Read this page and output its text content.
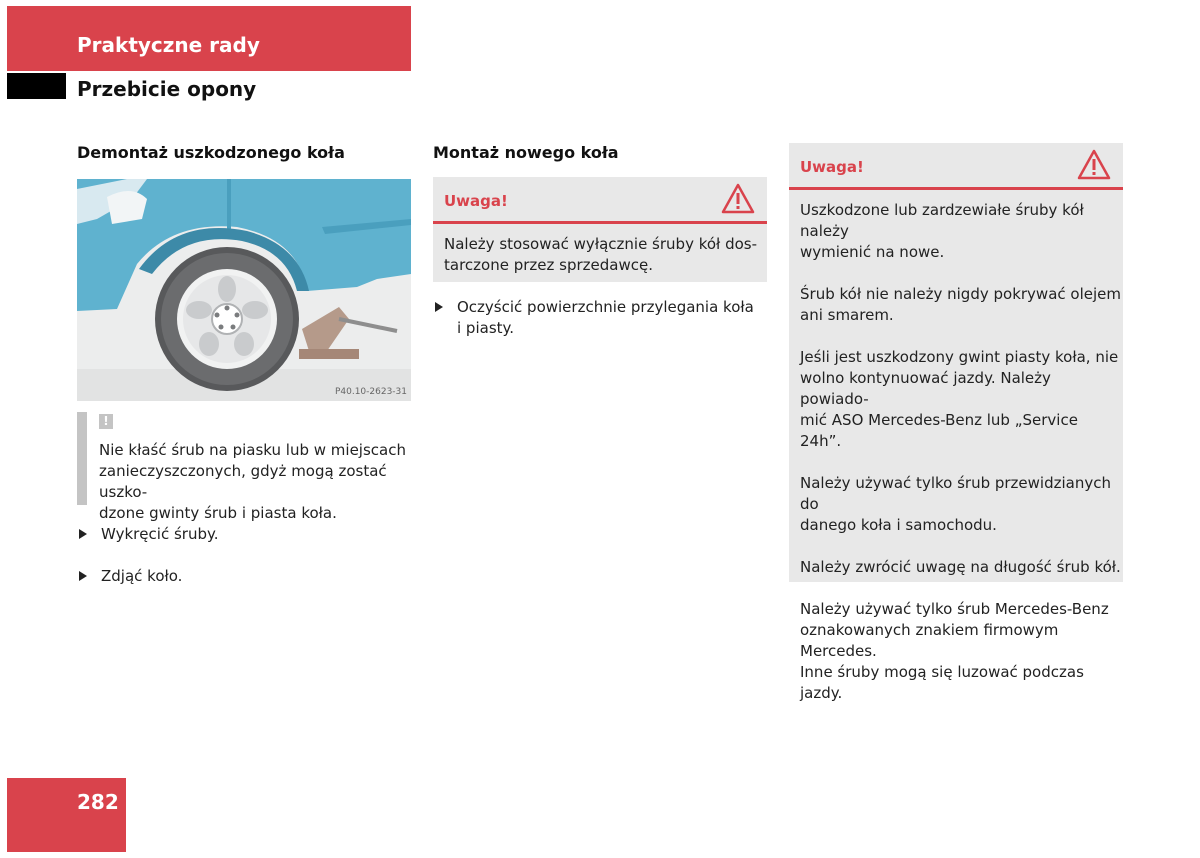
Praktyczne rady
Przebicie opony
Demontaż uszkodzonego koła
P40.10-2623-31
!
Nie kłaść śrub na piasku lub w miejscach
zanieczyszczonych, gdyż mogą zostać uszko-
dzone gwinty śrub i piasta koła.
Wykręcić śruby.
Zdjąć koło.
Montaż nowego koła
Uwaga!
Należy stosować wyłącznie śruby kół dos-
tarczone przez sprzedawcę.
Oczyścić powierzchnie przylegania koła
i piasty.
Uwaga!

Uszkodzone lub zardzewiałe śruby kół należy
wymienić na nowe.

Śrub kół nie należy nigdy pokrywać olejem
ani smarem.

Jeśli jest uszkodzony gwint piasty koła, nie
wolno kontynuować jazdy. Należy powiado-
mić ASO Mercedes-Benz lub „Service 24h”.

Należy używać tylko śrub przewidzianych do
danego koła i samochodu.

Należy zwrócić uwagę na długość śrub kół.

Należy używać tylko śrub Mercedes-Benz
oznakowanych znakiem firmowym Mercedes.
Inne śruby mogą się luzować podczas jazdy.

282
